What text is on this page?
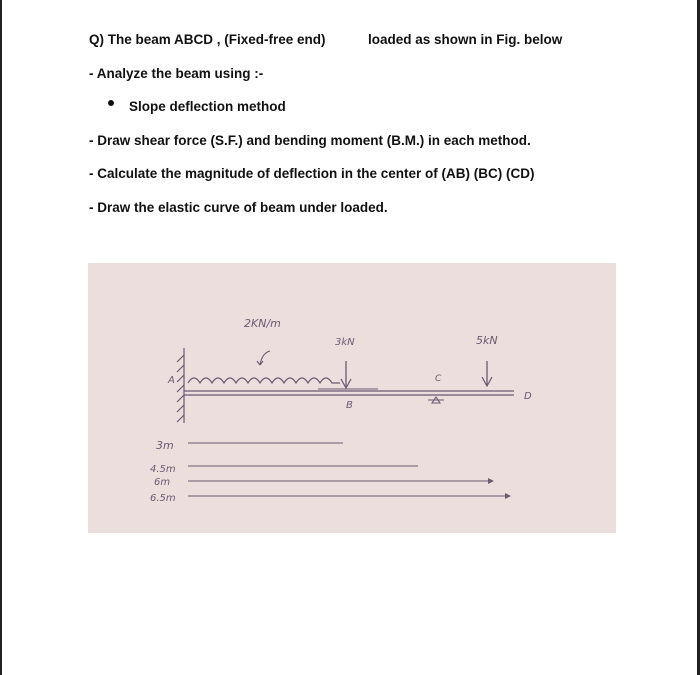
Q) The beam ABCD , (Fixed-free end)	loaded as shown in Fig. below
- Analyze the beam using :-
Slope deflection method
- Draw shear force (S.F.) and bending moment (B.M.) in each method.
- Calculate the magnitude of deflection in the center of (AB) (BC) (CD)
- Draw the elastic curve of beam under loaded.
2KN/m
3kN	5kN
A
B
C
D
3m
4.5m
6m
6.5m
